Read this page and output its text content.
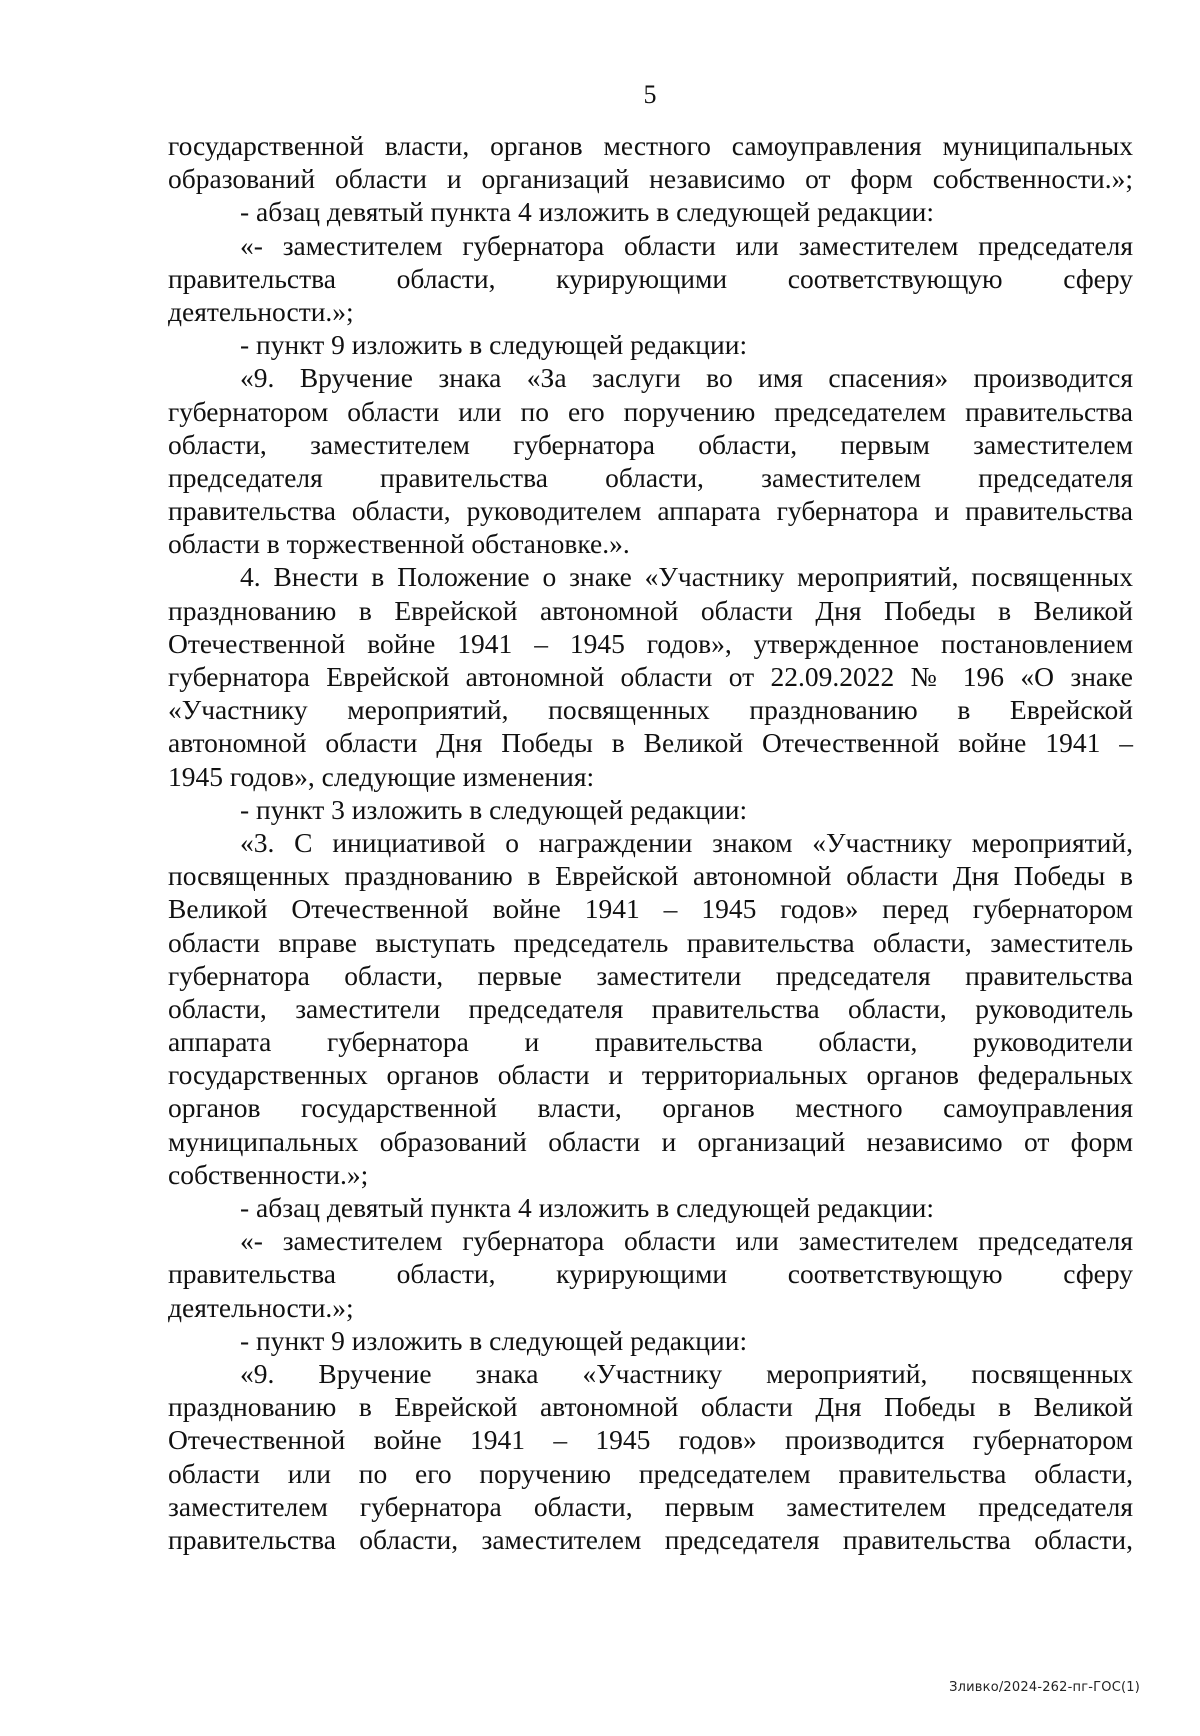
5
государственной власти, органов местного самоуправления муниципальных
образований области и организаций независимо от форм собственности.»;
- абзац девятый пункта 4 изложить в следующей редакции:
«- заместителем губернатора области или заместителем председателя
правительства области, курирующими соответствующую сферу
деятельности.»;
- пункт 9 изложить в следующей редакции:
«9. Вручение знака «За заслуги во имя спасения» производится
губернатором области или по его поручению председателем правительства
области, заместителем губернатора области, первым заместителем
председателя правительства области, заместителем председателя
правительства области, руководителем аппарата губернатора и правительства
области в торжественной обстановке.».
4. Внести в Положение о знаке «Участнику мероприятий, посвященных
празднованию в Еврейской автономной области Дня Победы в Великой
Отечественной войне 1941 – 1945 годов», утвержденное постановлением
губернатора Еврейской автономной области от 22.09.2022 № 196 «О знаке
«Участнику мероприятий, посвященных празднованию в Еврейской
автономной области Дня Победы в Великой Отечественной войне 1941 –
1945 годов», следующие изменения:
- пункт 3 изложить в следующей редакции:
«3. С инициативой о награждении знаком «Участнику мероприятий,
посвященных празднованию в Еврейской автономной области Дня Победы в
Великой Отечественной войне 1941 – 1945 годов» перед губернатором
области вправе выступать председатель правительства области, заместитель
губернатора области, первые заместители председателя правительства
области, заместители председателя правительства области, руководитель
аппарата губернатора и правительства области, руководители
государственных органов области и территориальных органов федеральных
органов государственной власти, органов местного самоуправления
муниципальных образований области и организаций независимо от форм
собственности.»;
- абзац девятый пункта 4 изложить в следующей редакции:
«- заместителем губернатора области или заместителем председателя
правительства области, курирующими соответствующую сферу
деятельности.»;
- пункт 9 изложить в следующей редакции:
«9. Вручение знака «Участнику мероприятий, посвященных
празднованию в Еврейской автономной области Дня Победы в Великой
Отечественной войне 1941 – 1945 годов» производится губернатором
области или по его поручению председателем правительства области,
заместителем губернатора области, первым заместителем председателя
правительства области, заместителем председателя правительства области,
Зливко/2024-262-пг-ГОС(1)
